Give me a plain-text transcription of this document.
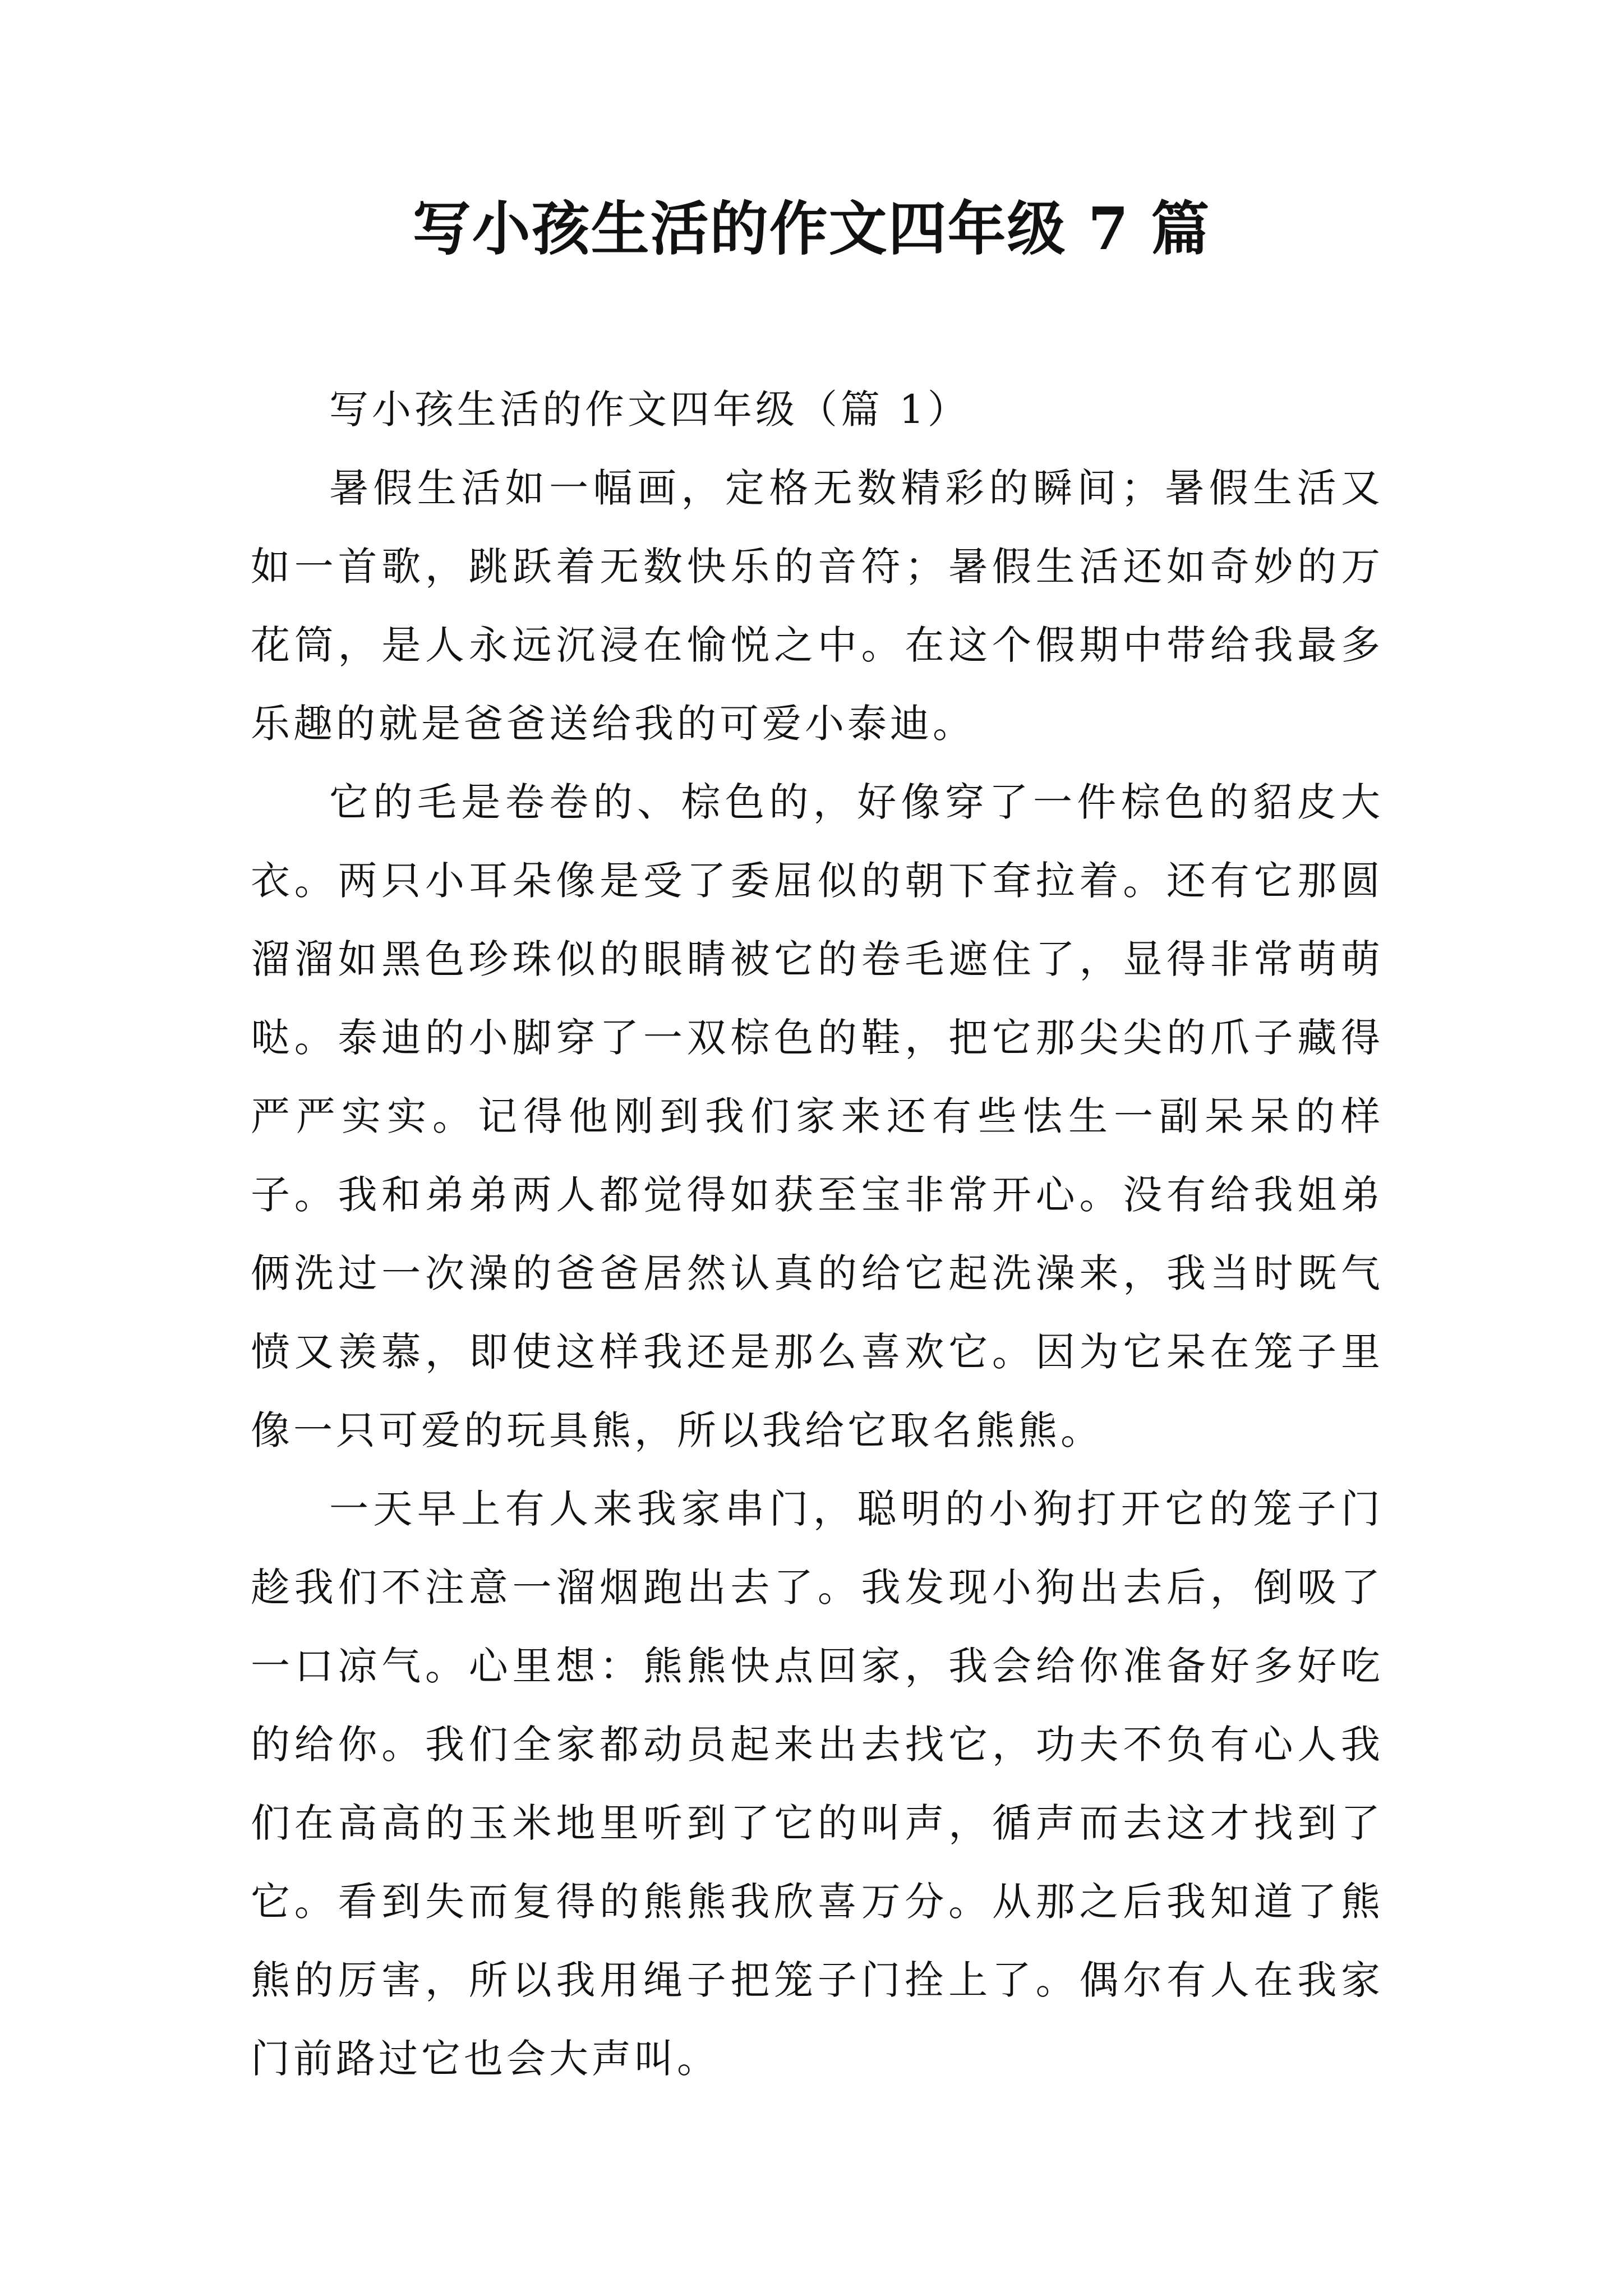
写小孩生活的作文四年级 7 篇

写小孩生活的作文四年级（篇 1）

暑假生活如一幅画，定格无数精彩的瞬间；暑假生活又如一首歌，跳跃着无数快乐的音符；暑假生活还如奇妙的万花筒，是人永远沉浸在愉悦之中。在这个假期中带给我最多乐趣的就是爸爸送给我的可爱小泰迪。

它的毛是卷卷的、棕色的，好像穿了一件棕色的貂皮大衣。两只小耳朵像是受了委屈似的朝下耷拉着。还有它那圆溜溜如黑色珍珠似的眼睛被它的卷毛遮住了，显得非常萌萌哒。泰迪的小脚穿了一双棕色的鞋，把它那尖尖的爪子藏得严严实实。记得他刚到我们家来还有些怯生一副呆呆的样子。我和弟弟两人都觉得如获至宝非常开心。没有给我姐弟俩洗过一次澡的爸爸居然认真的给它起洗澡来，我当时既气愤又羡慕，即使这样我还是那么喜欢它。因为它呆在笼子里像一只可爱的玩具熊，所以我给它取名熊熊。

一天早上有人来我家串门，聪明的小狗打开它的笼子门趁我们不注意一溜烟跑出去了。我发现小狗出去后，倒吸了一口凉气。心里想：熊熊快点回家，我会给你准备好多好吃的给你。我们全家都动员起来出去找它，功夫不负有心人我们在高高的玉米地里听到了它的叫声，循声而去这才找到了它。看到失而复得的熊熊我欣喜万分。从那之后我知道了熊熊的厉害，所以我用绳子把笼子门拴上了。偶尔有人在我家门前路过它也会大声叫。
